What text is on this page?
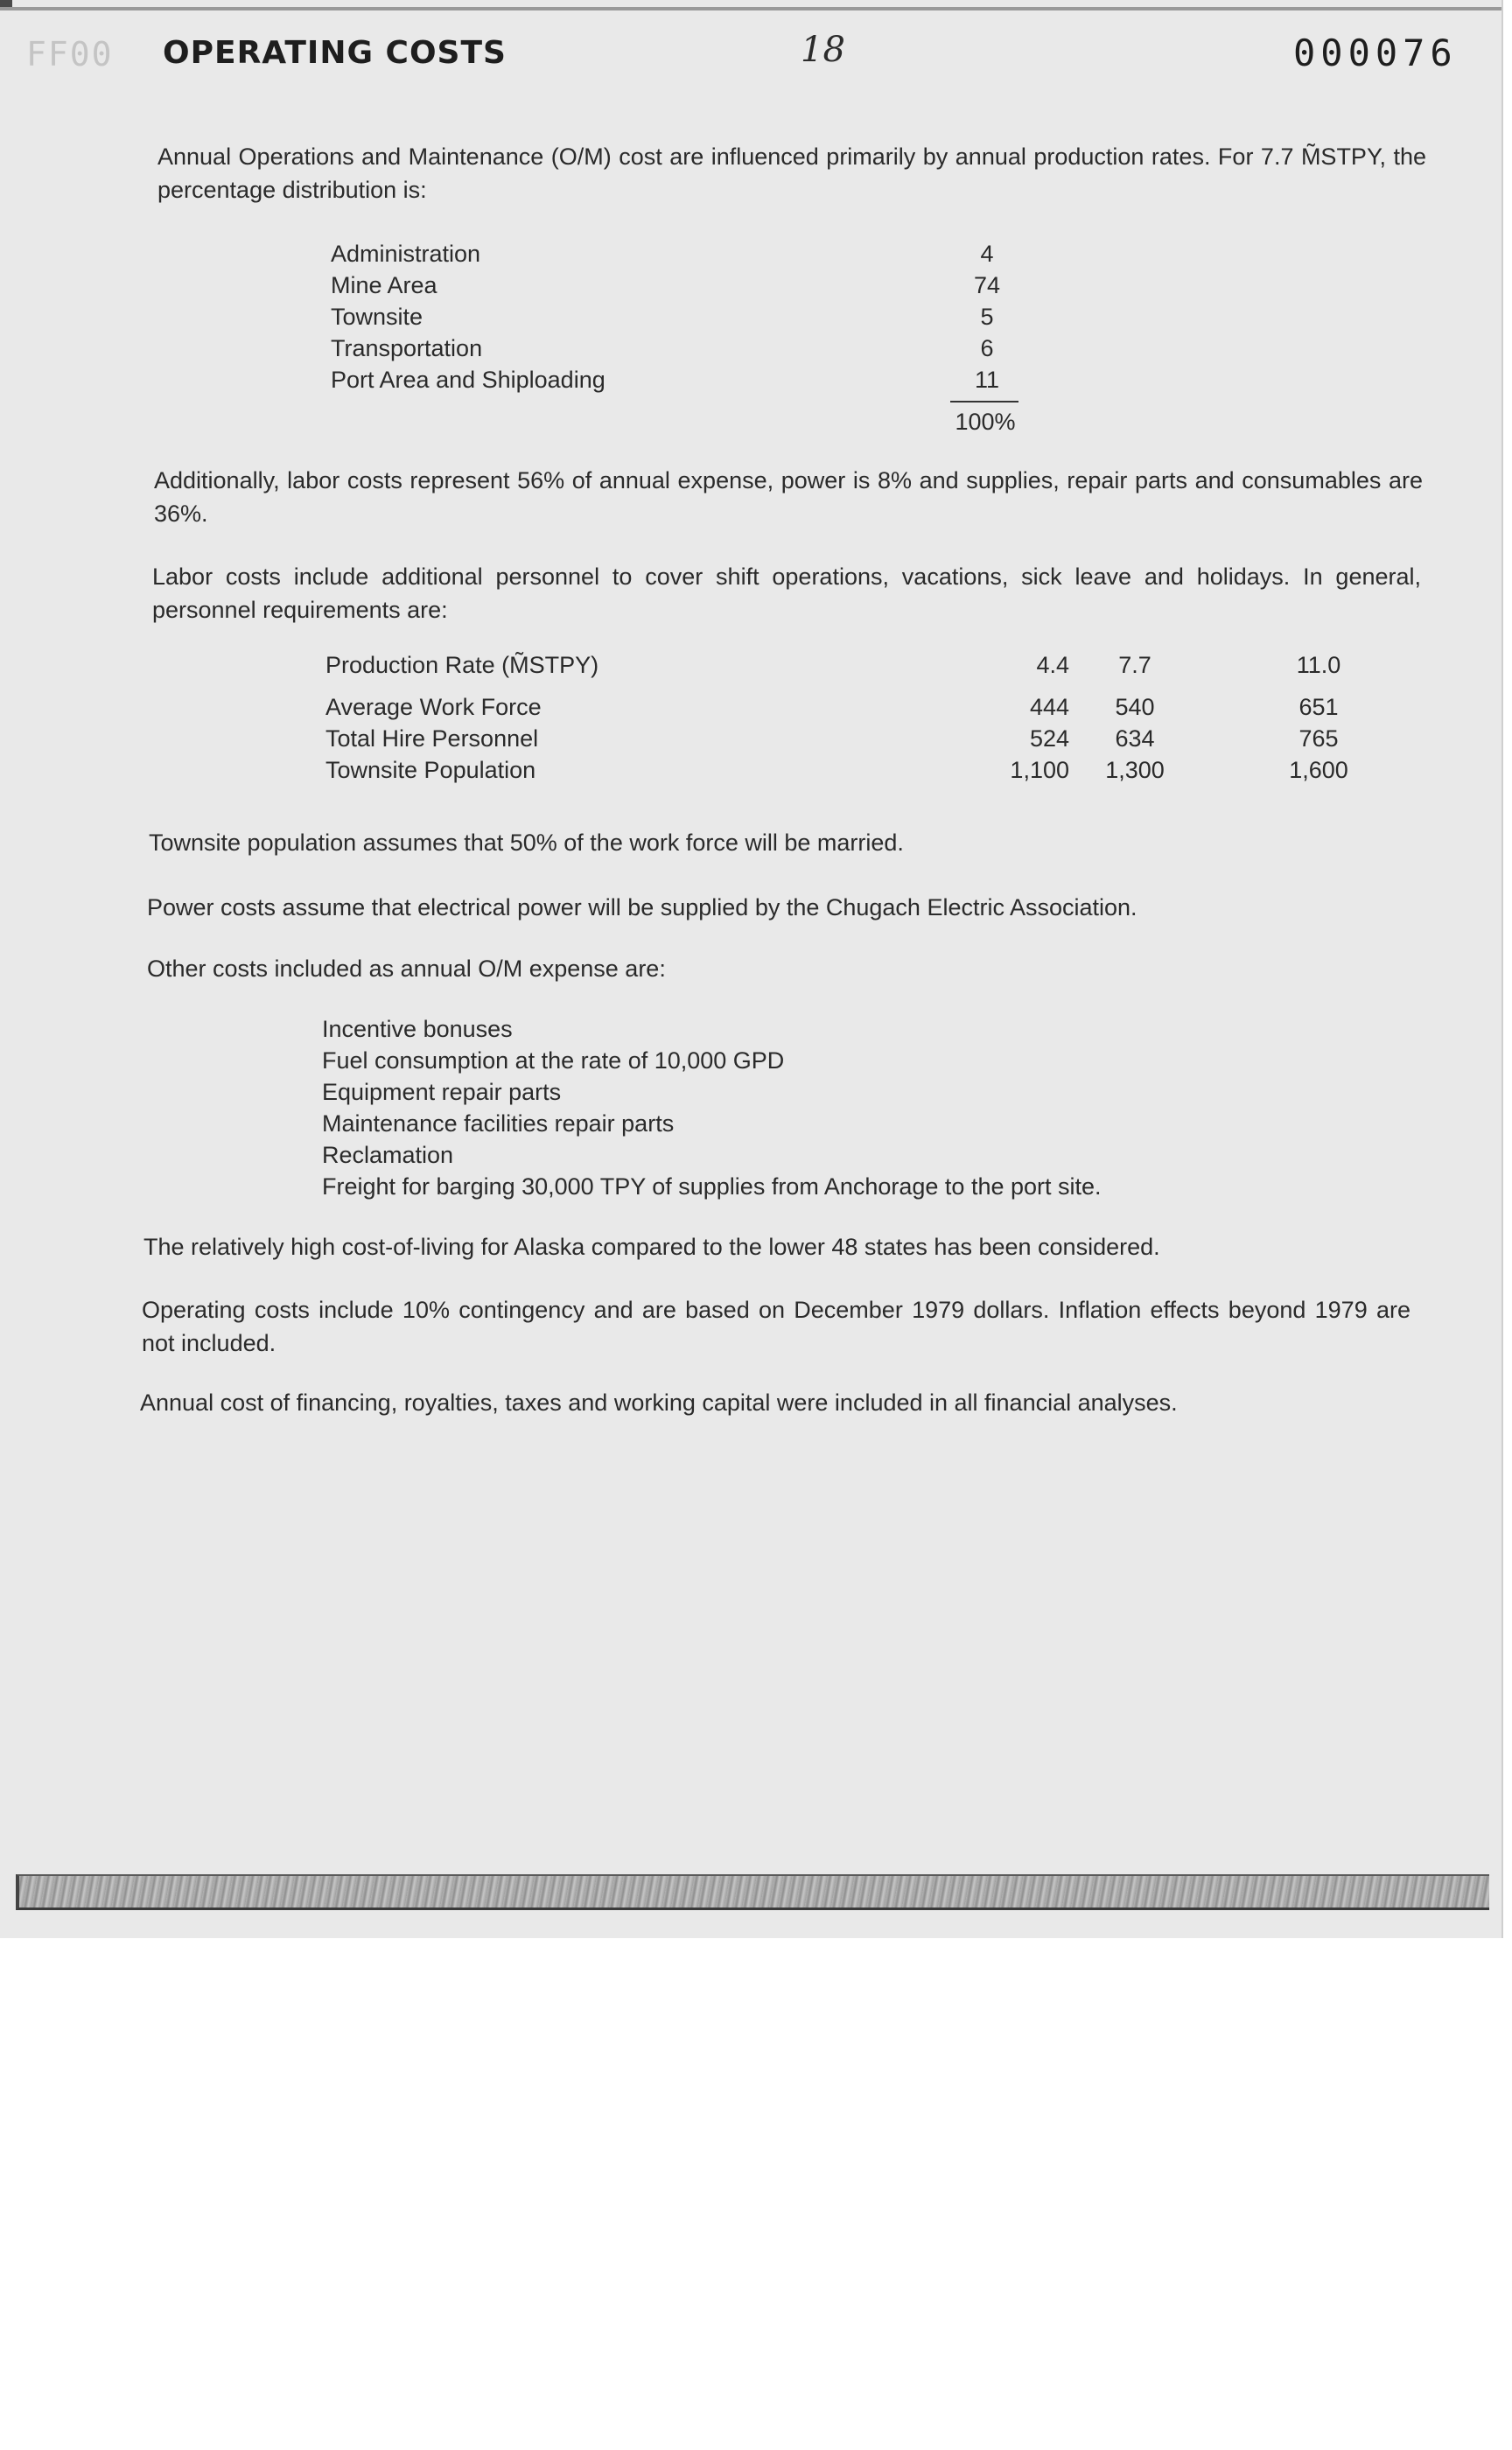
FF00 OPERATING COSTS	18	000076

Annual Operations and Maintenance (O/M) cost are influenced primarily by annual production rates. For 7.7 M̃STPY, the percentage distribution is:

Administration	4
Mine Area	74
Townsite	5
Transportation	6
Port Area and Shiploading	11
100%

Additionally, labor costs represent 56% of annual expense, power is 8% and supplies, repair parts and consumables are 36%.

Labor costs include additional personnel to cover shift operations, vacations, sick leave and holidays. In general, personnel requirements are:

Production Rate (M̃STPY)	4.4	7.7	11.0
Average Work Force	444	540	651
Total Hire Personnel	524	634	765
Townsite Population	1,100	1,300	1,600

Townsite population assumes that 50% of the work force will be married.

Power costs assume that electrical power will be supplied by the Chugach Electric Association.

Other costs included as annual O/M expense are:

Incentive bonuses
Fuel consumption at the rate of 10,000 GPD
Equipment repair parts
Maintenance facilities repair parts
Reclamation
Freight for barging 30,000 TPY of supplies from Anchorage to the port site.

The relatively high cost-of-living for Alaska compared to the lower 48 states has been considered.

Operating costs include 10% contingency and are based on December 1979 dollars. Inflation effects beyond 1979 are not included.

Annual cost of financing, royalties, taxes and working capital were included in all financial analyses.
